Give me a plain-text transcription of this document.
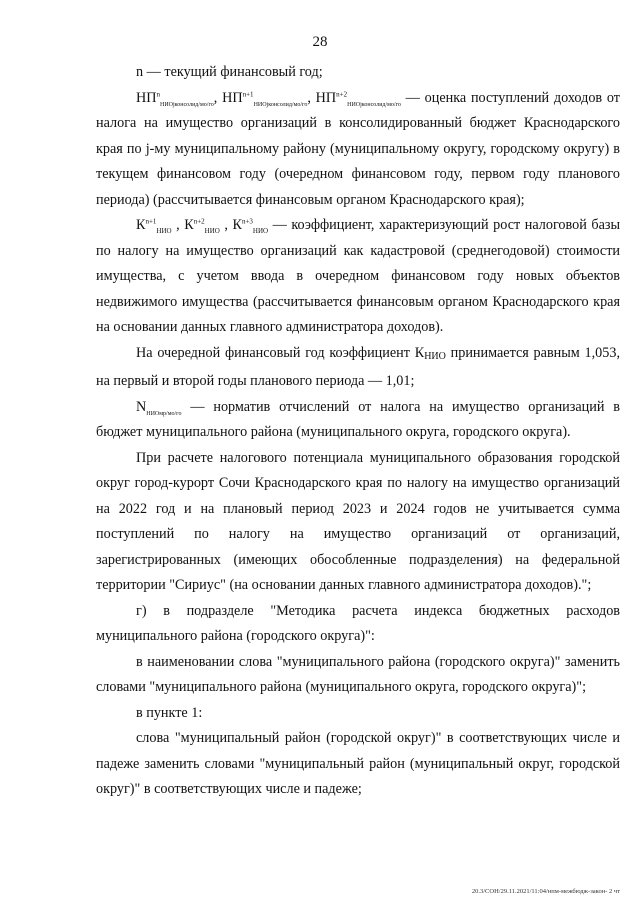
28

n — текущий финансовый год;

$НП^n_{НИОjконсолид/мо/го}$, $НП^{n+1}_{НИОjконсолид/мо/го}$, $НП^{n+2}_{НИОjконсолид/мо/го}$ — оценка поступлений доходов от налога на имущество организаций в консолидированный бюджет Краснодарского края по j-му муниципальному району (муниципальному округу, городскому округу) в текущем финансовом году (очередном финансовом году, первом году планового периода) (рассчитывается финансовым органом Краснодарского края);

$К^{n+1}_{НИО}$ , $К^{n+2}_{НИО}$ , $К^{n+3}_{НИО}$ — коэффициент, характеризующий рост налоговой базы по налогу на имущество организаций как кадастровой (среднегодовой) стоимости имущества, с учетом ввода в очередном финансовом году новых объектов недвижимого имущества (рассчитывается финансовым органом Краснодарского края на основании данных главного администратора доходов).

На очередной финансовый год коэффициент КНИО принимается равным 1,053, на первый и второй годы планового периода — 1,01;

$N_{НИОмр/мо/го}$ — норматив отчислений от налога на имущество организаций в бюджет муниципального района (муниципального округа, городского округа).

При расчете налогового потенциала муниципального образования городской округ город-курорт Сочи Краснодарского края по налогу на имущество организаций на 2022 год и на плановый период 2023 и 2024 годов не учитывается сумма поступлений по налогу на имущество организаций от организаций, зарегистрированных (имеющих обособленные подразделения) на федеральной территории "Сириус" (на основании данных главного администратора доходов).";

г) в подразделе "Методика расчета индекса бюджетных расходов муниципального района (городского округа)":

в наименовании слова "муниципального района (городского округа)" заменить словами "муниципального района (муниципального округа, городского округа)";

в пункте 1:

слова "муниципальный район (городской округ)" в соответствующих числе и падеже заменить словами "муниципальный район (муниципальный округ, городской округ)" в соответствующих числе и падеже;

20.3/СОН/29.11.2021/11:04/нпм-межбюдж-закон- 2 чт
